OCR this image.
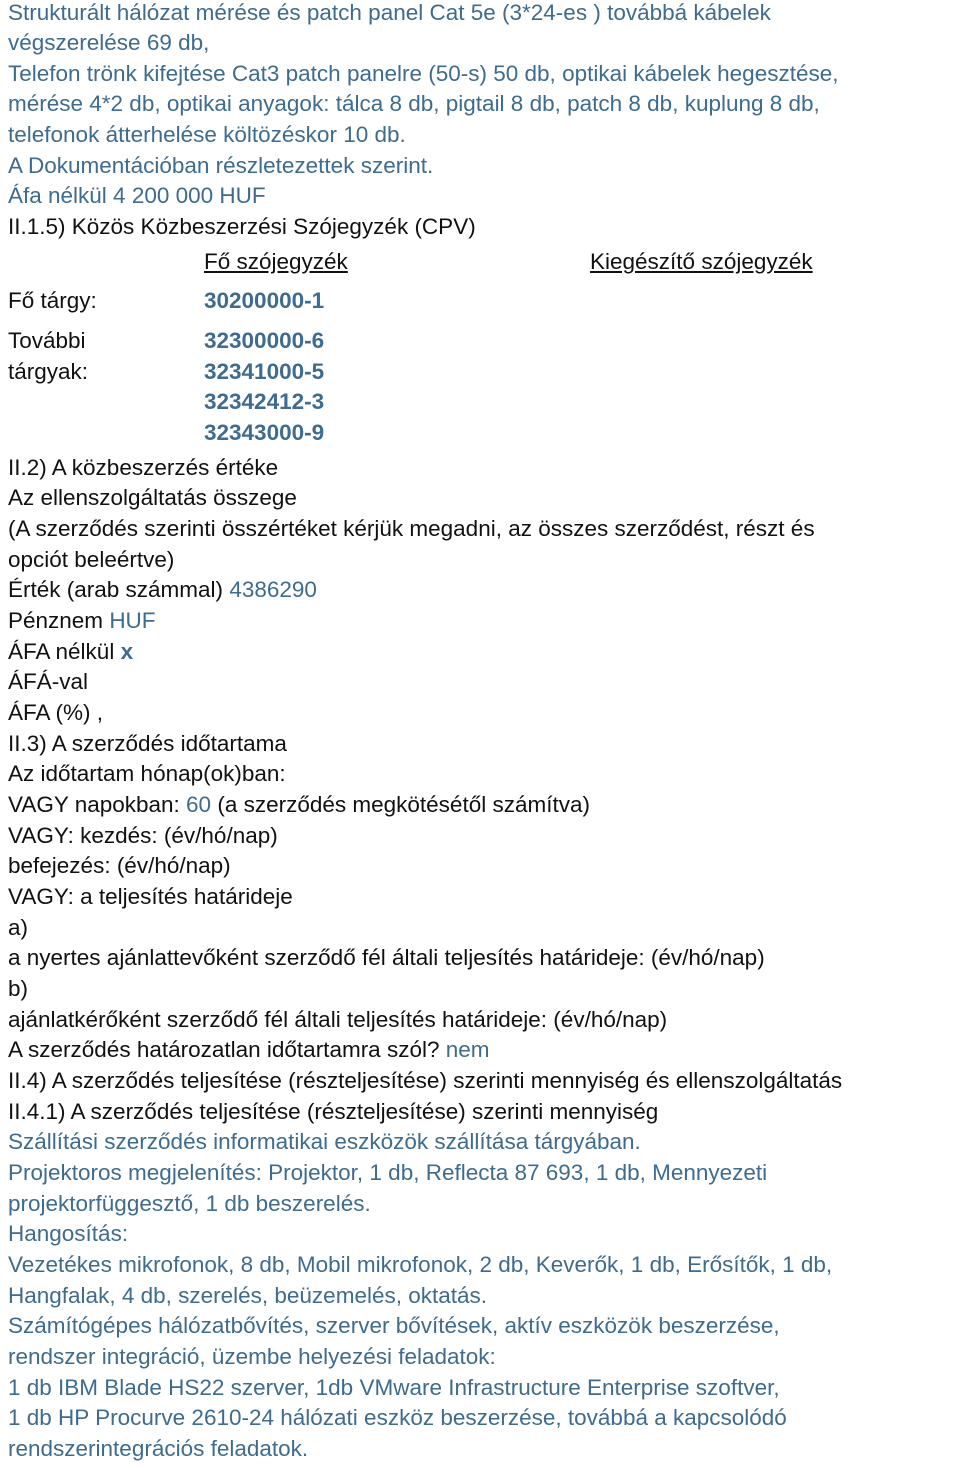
Strukturált hálózat mérése és patch panel Cat 5e (3*24-es ) továbbá kábelek
végszerelése 69 db,
Telefon trönk kifejtése Cat3 patch panelre (50-s) 50 db, optikai kábelek hegesztése,
mérése 4*2 db, optikai anyagok: tálca 8 db, pigtail 8 db, patch 8 db, kuplung 8 db,
telefonok átterhelése költözéskor 10 db.
A Dokumentációban részletezettek szerint.
Áfa nélkül 4 200 000 HUF
II.1.5) Közös Közbeszerzési Szójegyzék (CPV)
Fő szójegyzék	Kiegészítő szójegyzék
Fő tárgy:	30200000-1
További
tárgyak:
32300000-6
32341000-5
32342412-3
32343000-9
II.2) A közbeszerzés értéke
Az ellenszolgáltatás összege
(A szerződés szerinti összértéket kérjük megadni, az összes szerződést, részt és
opciót beleértve)
Érték (arab számmal) 4386290
Pénznem HUF
ÁFA nélkül x
ÁFÁ-val
ÁFA (%) ,
II.3) A szerződés időtartama
Az időtartam hónap(ok)ban:
VAGY napokban: 60 (a szerződés megkötésétől számítva)
VAGY: kezdés: (év/hó/nap)
befejezés: (év/hó/nap)
VAGY: a teljesítés határideje
a)
a nyertes ajánlattevőként szerződő fél általi teljesítés határideje: (év/hó/nap)
b)
ajánlatkérőként szerződő fél általi teljesítés határideje: (év/hó/nap)
A szerződés határozatlan időtartamra szól? nem
II.4) A szerződés teljesítése (részteljesítése) szerinti mennyiség és ellenszolgáltatás
II.4.1) A szerződés teljesítése (részteljesítése) szerinti mennyiség
Szállítási szerződés informatikai eszközök szállítása tárgyában.
Projektoros megjelenítés: Projektor, 1 db, Reflecta 87 693, 1 db, Mennyezeti
projektorfüggesztő, 1 db beszerelés.
Hangosítás:
Vezetékes mikrofonok, 8 db, Mobil mikrofonok, 2 db, Keverők, 1 db, Erősítők, 1 db,
Hangfalak, 4 db, szerelés, beüzemelés, oktatás.
Számítógépes hálózatbővítés, szerver bővítések, aktív eszközök beszerzése,
rendszer integráció, üzembe helyezési feladatok:
1 db IBM Blade HS22 szerver, 1db VMware Infrastructure Enterprise szoftver,
1 db HP Procurve 2610-24 hálózati eszköz beszerzése, továbbá a kapcsolódó
rendszerintegrációs feladatok.
